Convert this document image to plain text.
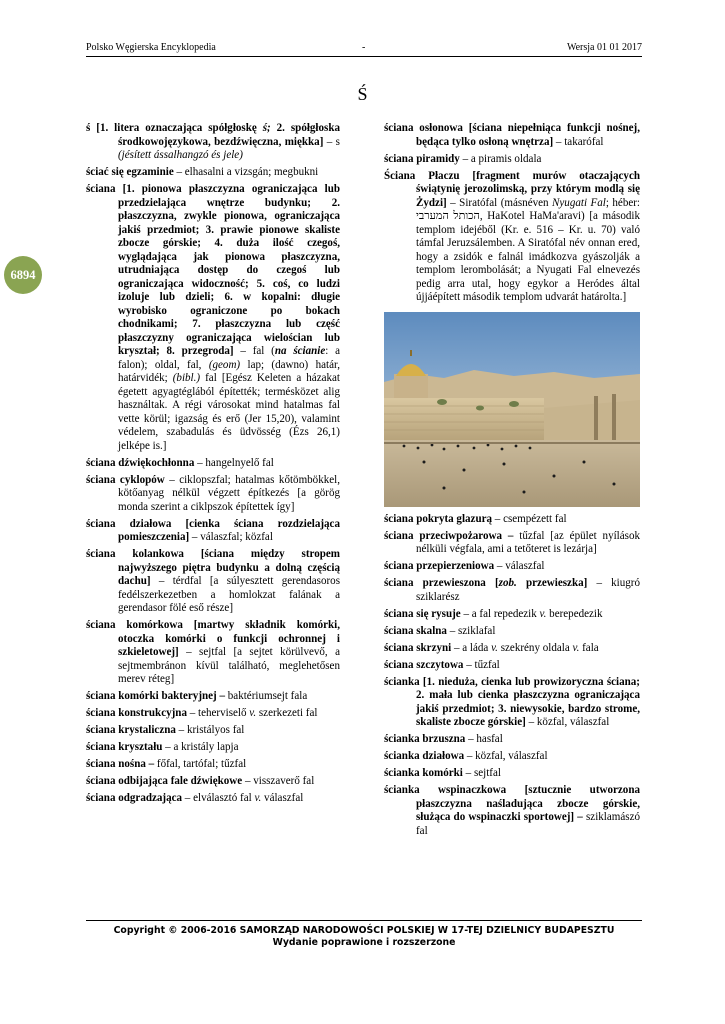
Polsko Węgierska Encyklopedia	-	Wersja 01 01 2017
Ś
6894
ś [1. litera oznaczająca spółgłoskę ś; 2. spółgłoska środkowojęzykowa, bezdźwięczna, miękka] – s (jésített ássalhangzó és jele)
ściać się egzaminie – elhasalni a vizsgán; megbukni
ściana [1. pionowa płaszczyzna ograniczająca lub przedzielająca wnętrze budynku; 2. płaszczyzna, zwykle pionowa, ograniczająca jakiś przedmiot; 3. prawie pionowe skaliste zbocze górskie; 4. duża ilość czegoś, wyglądająca jak pionowa płaszczyzna, utrudniająca dostęp do czegoś lub ograniczająca widoczność; 5. coś, co ludzi izoluje lub dzieli; 6. w kopalni: długie wyrobisko ograniczone po bokach chodnikami; 7. płaszczyzna lub część płaszczyzny ograniczająca wielościan lub kryształ; 8. przegroda] – fal (na ścianie: a falon); oldal, fal, (geom) lap; (dawno) határ, határvidék; (bibl.) fal [Egész Keleten a házakat égetett agyagtéglából építették; termésközet alig használtak. A régi városokat mind hatalmas fal vette körül; igazság és erő (Jer 15,20), valamint védelem, szabadulás és üdvösség (Ézs 26,1) jelképe is.]
ściana dźwiękochłonna – hangelnyelő fal
ściana cyklopów – ciklopszfal; hatalmas kőtömbökkel, kötőanyag nélkül végzett építkezés [a görög monda szerint a ciklpszok építettek így]
ściana działowa [cienka ściana rozdzielająca pomieszczenia] – válaszfal; közfal
ściana kolankowa [ściana między stropem najwyższego piętra budynku a dolną częścią dachu] – térdfal [a súlyesztett gerendasoros fedélszerkezetben a homlokzat falának a gerendasor fölé eső része]
ściana komórkowa [martwy składnik komórki, otoczka komórki o funkcji ochronnej i szkieletowej] – sejtfal [a sejtet körülvevő, a sejtmembránon kívül található, meglehetősen merev réteg]
ściana komórki bakteryjnej – baktériumsejt fala
ściana konstrukcyjna – teherviselő v. szerkezeti fal
ściana krystaliczna – kristályos fal
ściana kryształu – a kristály lapja
ściana nośna – főfal, tartófal; tűzfal
ściana odbijająca fale dźwiękowe – visszaverő fal
ściana odgradzająca – elválasztó fal v. válaszfal
ściana osłonowa [ściana niepełniąca funkcji nośnej, będąca tylko osłoną wnętrza] – takarófal
ściana piramidy – a piramis oldala
Ściana Płaczu [fragment murów otaczających świątynię jerozolimską, przy którym modlą się Żydzi] – Siratófal (másnéven Nyugati Fal; héber: הכותל המערבי‎, HaKotel HaMa'aravi) [a második templom idejéből (Kr. e. 516 – Kr. u. 70) való támfal Jeruzsálemben. A Siratófal név onnan ered, hogy a zsidók e falnál imádkozva gyászolják a templom lerombolását; a Nyugati Fal elnevezés pedig arra utal, hogy egykor a Heródes által újjáépített második templom udvarát határolta.]
ściana pokryta glazurą – csempézett fal
ściana przeciwpożarowa – tűzfal [az épület nyílások nélküli végfala, ami a tetőteret is lezárja]
ściana przepierzeniowa – válaszfal
ściana przewieszona [zob. przewieszka] – kiugró sziklarész
ściana się rysuje – a fal repedezik v. berepedezik
ściana skalna – sziklafal
ściana skrzyni – a láda v. szekrény oldala v. fala
ściana szczytowa – tűzfal
ścianka [1. nieduża, cienka lub prowizoryczna ściana; 2. mała lub cienka płaszczyzna ograniczająca jakiś przedmiot; 3. niewysokie, bardzo strome, skaliste zbocze górskie] – közfal, válaszfal
ścianka brzuszna – hasfal
ścianka działowa – közfal, válaszfal
ścianka komórki – sejtfal
ścianka wspinaczkowa [sztucznie utworzona płaszczyzna naśladująca zbocze górskie, służąca do wspinaczki sportowej] – sziklamászó fal
Copyright © 2006-2016 SAMORZĄD NARODOWOŚCI POLSKIEJ W 17-TEJ DZIELNICY BUDAPESZTU
Wydanie poprawione i rozszerzone
